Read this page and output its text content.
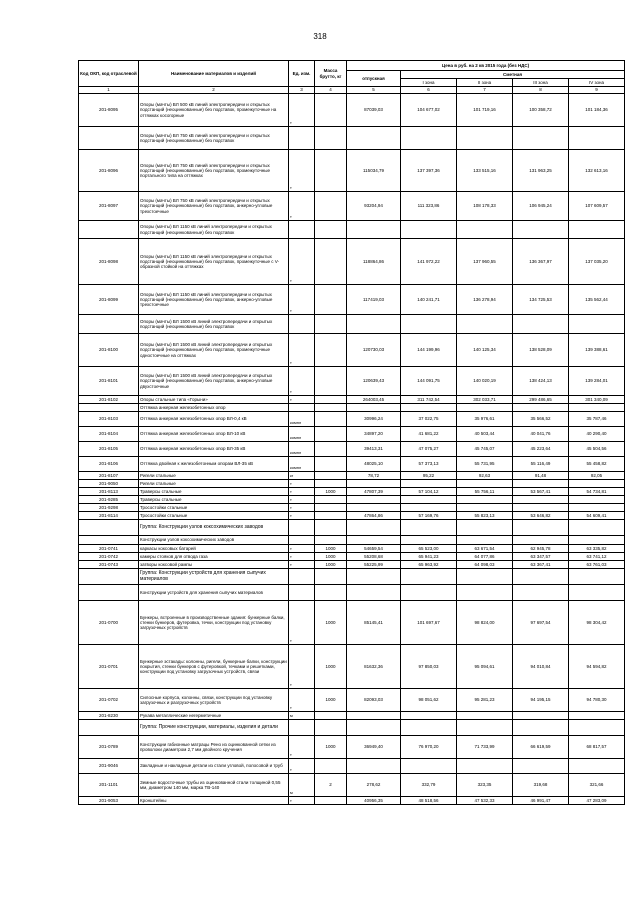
318
Код ОКП, код отраслевой	Наименование материалов и изделий	Ед. изм.	Масса брутто, кг	Цена в руб. на 2 кв 2015 года (без НДС)				
				отпускная	Сметная			
					I зона	II зона	III зона	IV зона
1	2	3	4	5	6	7	8	9
201-8095	Опоры (мачты) ВЛ 500 кВ линий электропередачи и открытых подстанций (неоцинкованные) без подставок, промежуточные на оттяжках косогорные	т		87039,03	104 677,02	101 719,16	100 358,72	101 184,36
	Опоры (мачты) ВЛ 750 кВ линий электропередачи и открытых подстанций (неоцинкованные) без подставок							
201-8096	Опоры (мачты) ВЛ 750 кВ линий электропередачи и открытых подстанций (неоцинкованные) без подставок, промежуточные портального типа на оттяжках	т		115034,79	137 397,36	133 515,16	131 963,25	132 613,16
201-8097	Опоры (мачты) ВЛ 750 кВ линий электропередачи и открытых подстанций (неоцинкованные) без подставок, анкерно-угловые трехстоечные	т		93204,94	111 323,86	108 178,33	106 945,24	107 609,57
	Опоры (мачты) ВЛ 1150 кВ линий электропередачи и открытых подстанций (неоцинкованные) без подставок							
201-8098	Опоры (мачты) ВЛ 1150 кВ линий электропередачи и открытых подстанций (неоцинкованные) без подставок, промежуточные с V-образной стойкой на оттяжках	т		118864,86	141 972,22	137 960,55	136 367,97	137 035,20
201-8099	Опоры (мачты) ВЛ 1150 кВ линий электропередачи и открытых подстанций (неоцинкованные) без подставок, анкерно-угловые трехстоечные	т		117419,03	140 241,71	136 278,94	134 725,53	135 562,44
	Опоры (мачты) ВЛ 1500 кВ линий электропередачи и открытых подстанций (неоцинкованные) без подставок							
201-8100	Опоры (мачты) ВЛ 1500 кВ линий электропередачи и открытых подстанций (неоцинкованные) без подставок, промежуточные одностоечные на оттяжках	т		120730,03	144 199,96	140 125,34	138 528,09	139 388,61
201-8101	Опоры (мачты) ВЛ 1500 кВ линий электропередачи и открытых подстанций (неоцинкованные) без подставок, анкерно-угловые двухстоечные	т		120639,43	144 091,75	140 020,19	138 424,13	139 284,01
201-8102	Опоры стальные типа «Горыни»	т		264003,45	311 742,54	302 033,71	299 486,65	301 340,09
	Оттяжка анкерная железобетонных опор							
201-8103	Оттяжка анкерная железобетонных опор ВЛ-0,4 кВ	компл		30996,24	37 022,75	35 976,61	35 566,52	35 787,46
201-8104	Оттяжка анкерная железобетонных опор ВЛ-10 кВ	компл		34897,20	41 681,22	40 503,44	40 041,76	40 290,40
201-8105	Оттяжка анкерная железобетонных опор ВЛ-35 кВ	компл		39413,31	47 075,27	45 745,07	45 223,64	45 504,56
201-8106	Оттяжка двойная к железобетонным опорам ВЛ-35 кВ	компл		48025,10	57 373,13	55 731,95	55 116,49	55 458,82
201-8107	Ригели стальные	кг		78,72	95,22	92,63	91,48	92,05
201-9050	Ригели стальные	т						
201-8113	Траверсы стальные	т	1000	47807,39	57 104,12	55 756,11	53 567,41	54 734,81
201-9285	Траверсы стальные	т						
201-9298	Тросостойки стальные	т						
201-8114	Тросостойки стальные	т		47864,86	57 169,76	55 823,13	53 646,82	54 609,41
	Группа: Конструкции узлов коксохимических заводов							
	Конструкции узлов коксохимических заводов							
201-0741	каркасы коксовых батарей	т	1000	54659,54	65 523,00	63 671,54	62 945,78	63 335,82
201-0742	камеры стояков для отвода газа	т	1000	55208,68	65 941,23	64 077,86	63 347,57	63 741,12
201-0743	затворы коксовой рампы	т	1000	55225,99	65 963,92	64 098,03	63 367,41	63 761,03
	Группа: Конструкции устройств для хранения сыпучих материалов							
	Конструкции устройств для хранения сыпучих материалов							
201-0700	Бункеры, встроенные в производственные здания: бункерные балки, стенки бункеров, футеровка, течки, конструкции под установку загрузочных устройств	т	1000	85145,41	101 697,67	98 824,00	97 697,54	98 304,42
201-0701	Бункерные эстакады: колонны, ригели, бункерные балки, конструкции покрытия, стенки бункеров с футеровкой, течками и решетками, конструкции под установку загрузочных устройств, связи	т	1000	81632,36	97 850,03	95 094,61	94 010,84	94 594,82
201-0702	Силосные корпуса, колонны, связи, конструкции под установку загрузочных и разгрузочных устройств	т	1000	82093,03	98 051,62	95 281,23	94 195,15	94 780,30
201-8230	Рукава металлические негерметичные	м						
	Группа: Прочие конструкции, материалы, изделия и детали							
201-0789	Конструкции габионные матрацы Рено из оцинкованной сетки из проволоки диаметром 2,7 мм двойного кручения	т	1000	36949,40	76 970,20	71 733,99	66 619,59	68 817,57
201-9046	Закладные и накладные детали из стали угловой, полосовой и труб	т						
201-1101	Земные водосточные трубы из оцинкованной стали толщиной 0,55 мм, диаметром 140 мм, марка ТВ-140	м	2	278,62	332,79	323,35	319,68	321,66
201-9053	Кронштейны	т		40956,35	48 518,56	47 532,33	46 991,47	47 283,09
